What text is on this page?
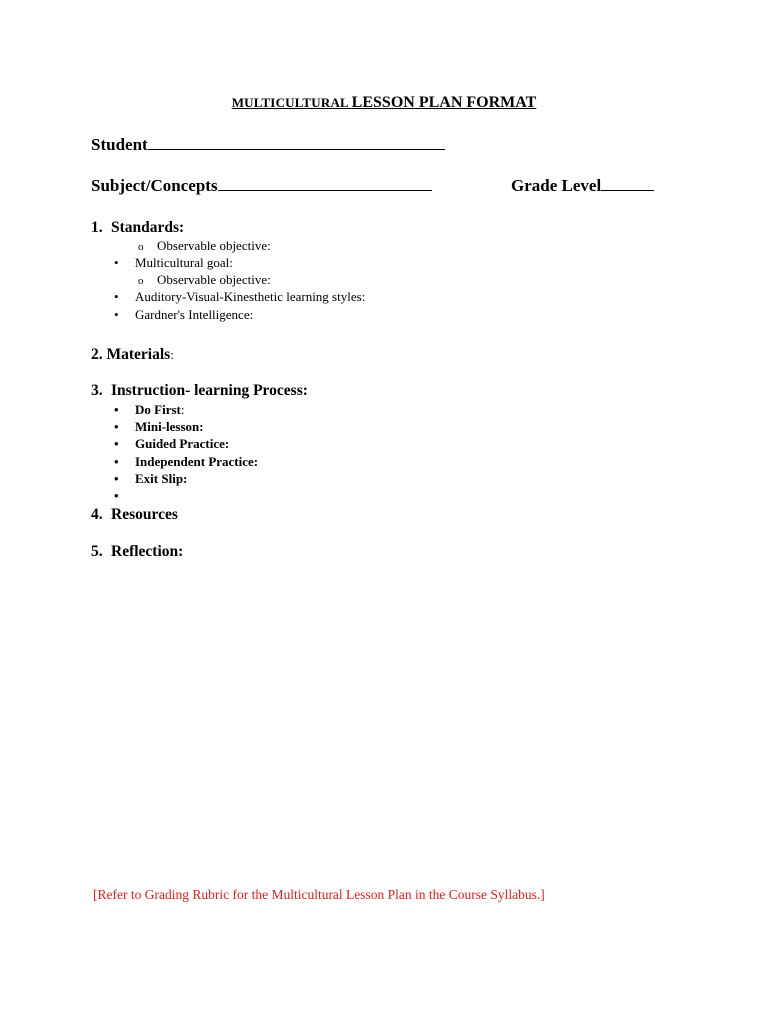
MULTICULTURAL LESSON PLAN FORMAT
Student
Subject/Concepts	Grade Level
1. Standards:
o Observable objective:
• Multicultural goal:
o Observable objective:
• Auditory-Visual-Kinesthetic learning styles:
• Gardner's Intelligence:
2. Materials:
3. Instruction- learning Process:
• Do First:
• Mini-lesson:
• Guided Practice:
• Independent Practice:
• Exit Slip:
•
4. Resources
5. Reflection:
[Refer to Grading Rubric for the Multicultural Lesson Plan in the Course Syllabus.]
